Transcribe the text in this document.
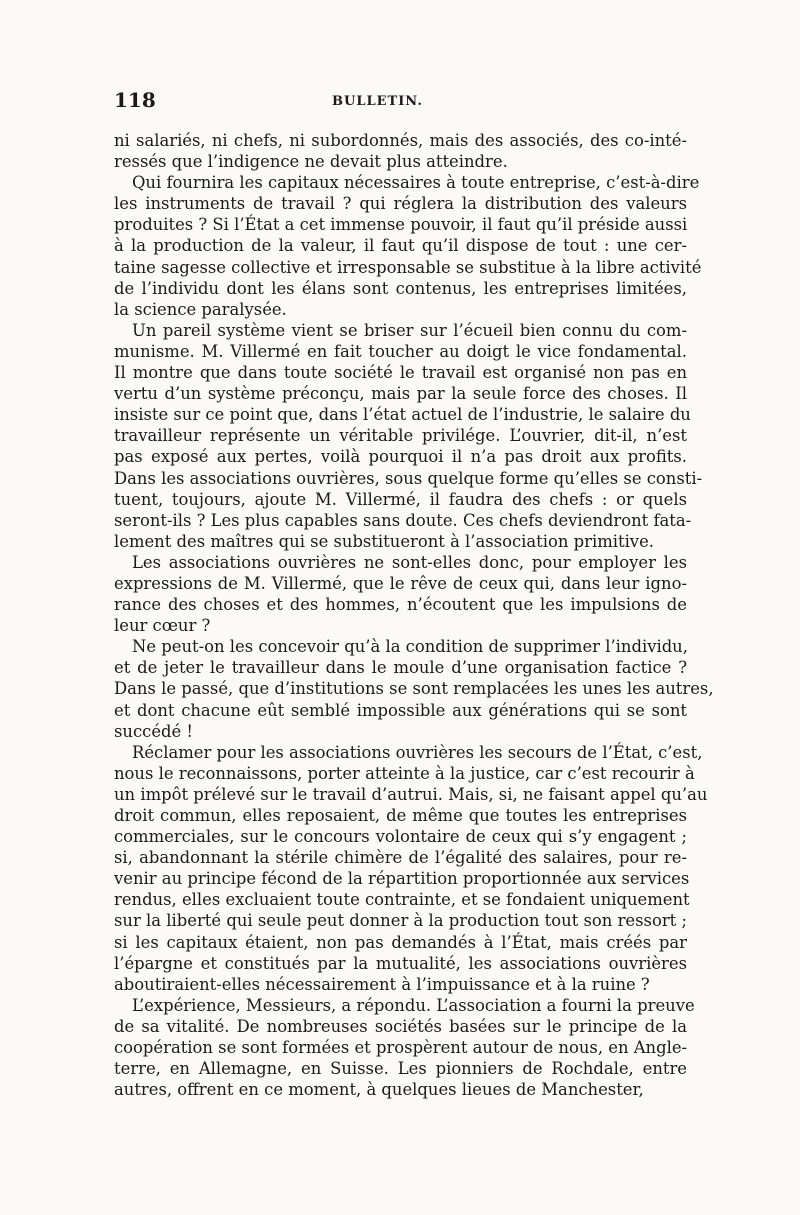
118	BULLETIN.

ni salariés, ni chefs, ni subordonnés, mais des associés, des co-inté-
ressés que l’indigence ne devait plus atteindre.

Qui fournira les capitaux nécessaires à toute entreprise, c’est-à-dire
les instruments de travail ? qui réglera la distribution des valeurs
produites ? Si l’État a cet immense pouvoir, il faut qu’il préside aussi
à la production de la valeur, il faut qu’il dispose de tout : une cer-
taine sagesse collective et irresponsable se substitue à la libre activité
de l’individu dont les élans sont contenus, les entreprises limitées,
la science paralysée.

Un pareil système vient se briser sur l’écueil bien connu du com-
munisme. M. Villermé en fait toucher au doigt le vice fondamental.
Il montre que dans toute société le travail est organisé non pas en
vertu d’un système préconçu, mais par la seule force des choses. Il
insiste sur ce point que, dans l’état actuel de l’industrie, le salaire du
travailleur représente un véritable privilége. L’ouvrier, dit-il, n’est
pas exposé aux pertes, voilà pourquoi il n’a pas droit aux profits.
Dans les associations ouvrières, sous quelque forme qu’elles se consti-
tuent, toujours, ajoute M. Villermé, il faudra des chefs : or quels
seront-ils ? Les plus capables sans doute. Ces chefs deviendront fata-
lement des maîtres qui se substitueront à l’association primitive.

Les associations ouvrières ne sont-elles donc, pour employer les
expressions de M. Villermé, que le rêve de ceux qui, dans leur igno-
rance des choses et des hommes, n’écoutent que les impulsions de
leur cœur ?

Ne peut-on les concevoir qu’à la condition de supprimer l’individu,
et de jeter le travailleur dans le moule d’une organisation factice ?
Dans le passé, que d’institutions se sont remplacées les unes les autres,
et dont chacune eût semblé impossible aux générations qui se sont
succédé !

Réclamer pour les associations ouvrières les secours de l’État, c’est,
nous le reconnaissons, porter atteinte à la justice, car c’est recourir à
un impôt prélevé sur le travail d’autrui. Mais, si, ne faisant appel qu’au
droit commun, elles reposaient, de même que toutes les entreprises
commerciales, sur le concours volontaire de ceux qui s’y engagent ;
si, abandonnant la stérile chimère de l’égalité des salaires, pour re-
venir au principe fécond de la répartition proportionnée aux services
rendus, elles excluaient toute contrainte, et se fondaient uniquement
sur la liberté qui seule peut donner à la production tout son ressort ;
si les capitaux étaient, non pas demandés à l’État, mais créés par
l’épargne et constitués par la mutualité, les associations ouvrières
aboutiraient-elles nécessairement à l’impuissance et à la ruine ?

L’expérience, Messieurs, a répondu. L’association a fourni la preuve
de sa vitalité. De nombreuses sociétés basées sur le principe de la
coopération se sont formées et prospèrent autour de nous, en Angle-
terre, en Allemagne, en Suisse. Les pionniers de Rochdale, entre
autres, offrent en ce moment, à quelques lieues de Manchester,
